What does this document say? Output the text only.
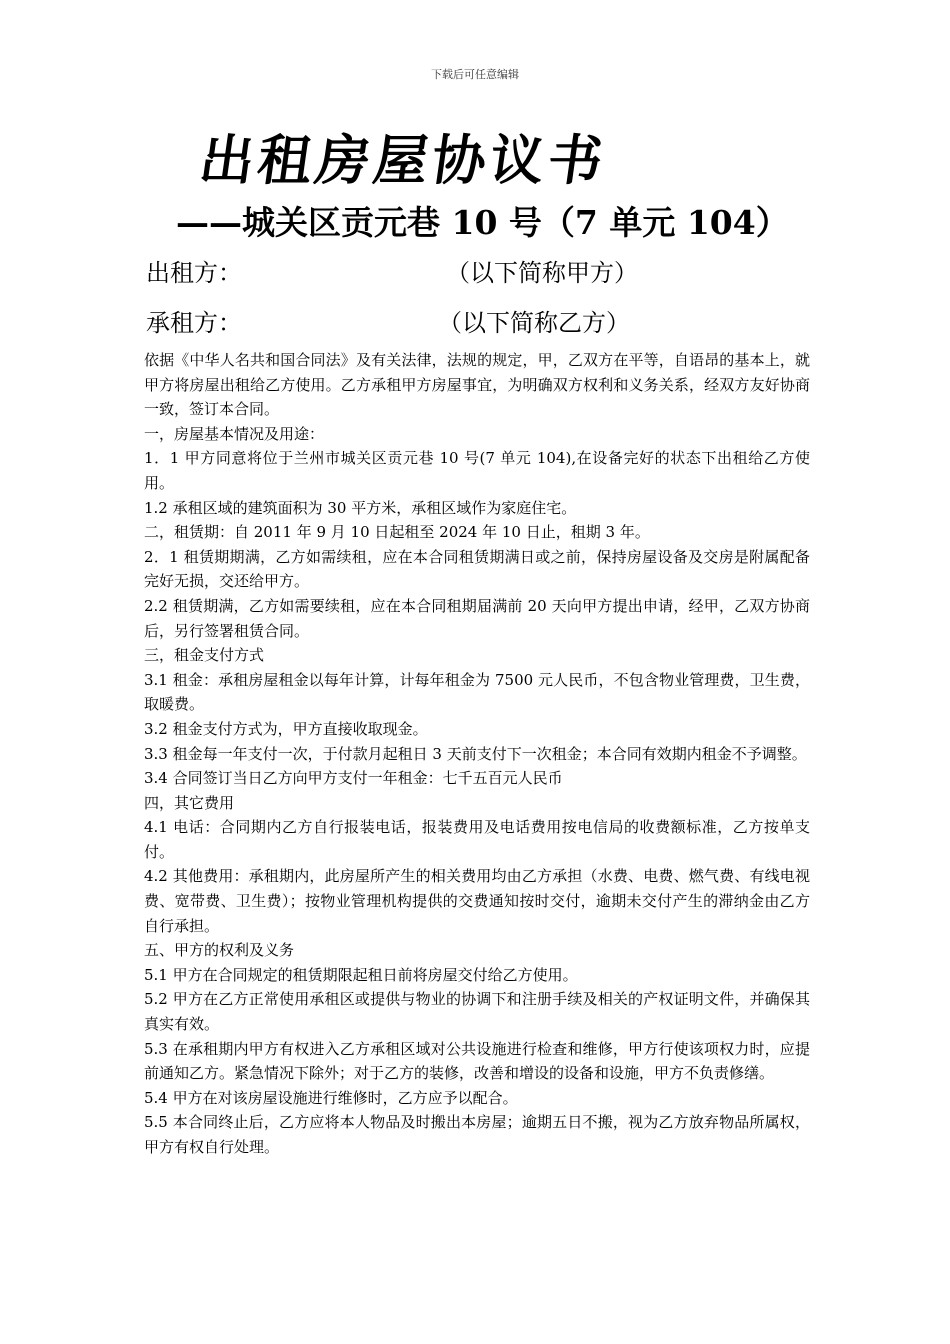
下载后可任意编辑
出租房屋协议书
——城关区贡元巷 10 号（7 单元 104）
出租方：	（以下简称甲方）
承租方：	（以下简称乙方）

依据《中华人名共和国合同法》及有关法律，法规的规定，甲，乙双方在平等，自语昂的基本上，就甲方将房屋出租给乙方使用。乙方承租甲方房屋事宜，为明确双方权利和义务关系，经双方友好协商一致，签订本合同。

一，房屋基本情况及用途：

1．1 甲方同意将位于兰州市城关区贡元巷 10 号(7 单元 104),在设备完好的状态下出租给乙方使用。

1.2 承租区域的建筑面积为 30 平方米，承租区域作为家庭住宅。

二，租赁期：自 2011 年 9 月 10 日起租至 2024 年 10 日止，租期 3 年。

2．1 租赁期期满，乙方如需续租，应在本合同租赁期满日或之前，保持房屋设备及交房是附属配备完好无损，交还给甲方。

2.2 租赁期满，乙方如需要续租，应在本合同租期届满前 20 天向甲方提出申请，经甲，乙双方协商后，另行签署租赁合同。

三，租金支付方式

3.1 租金：承租房屋租金以每年计算，计每年租金为 7500 元人民币，不包含物业管理费，卫生费，取暖费。

3.2 租金支付方式为，甲方直接收取现金。

3.3 租金每一年支付一次，于付款月起租日 3 天前支付下一次租金；本合同有效期内租金不予调整。

3.4 合同签订当日乙方向甲方支付一年租金：七千五百元人民币

四，其它费用

4.1 电话：合同期内乙方自行报装电话，报装费用及电话费用按电信局的收费额标准，乙方按单支付。

4.2 其他费用：承租期内，此房屋所产生的相关费用均由乙方承担（水费、电费、燃气费、有线电视费、宽带费、卫生费）；按物业管理机构提供的交费通知按时交付，逾期未交付产生的滞纳金由乙方自行承担。

五、甲方的权利及义务

5.1 甲方在合同规定的租赁期限起租日前将房屋交付给乙方使用。

5.2 甲方在乙方正常使用承租区或提供与物业的协调下和注册手续及相关的产权证明文件，并确保其真实有效。

5.3 在承租期内甲方有权进入乙方承租区域对公共设施进行检查和维修，甲方行使该项权力时，应提前通知乙方。紧急情况下除外；对于乙方的装修，改善和增设的设备和设施，甲方不负责修缮。

5.4 甲方在对该房屋设施进行维修时，乙方应予以配合。

5.5 本合同终止后，乙方应将本人物品及时搬出本房屋；逾期五日不搬，视为乙方放弃物品所属权，甲方有权自行处理。
